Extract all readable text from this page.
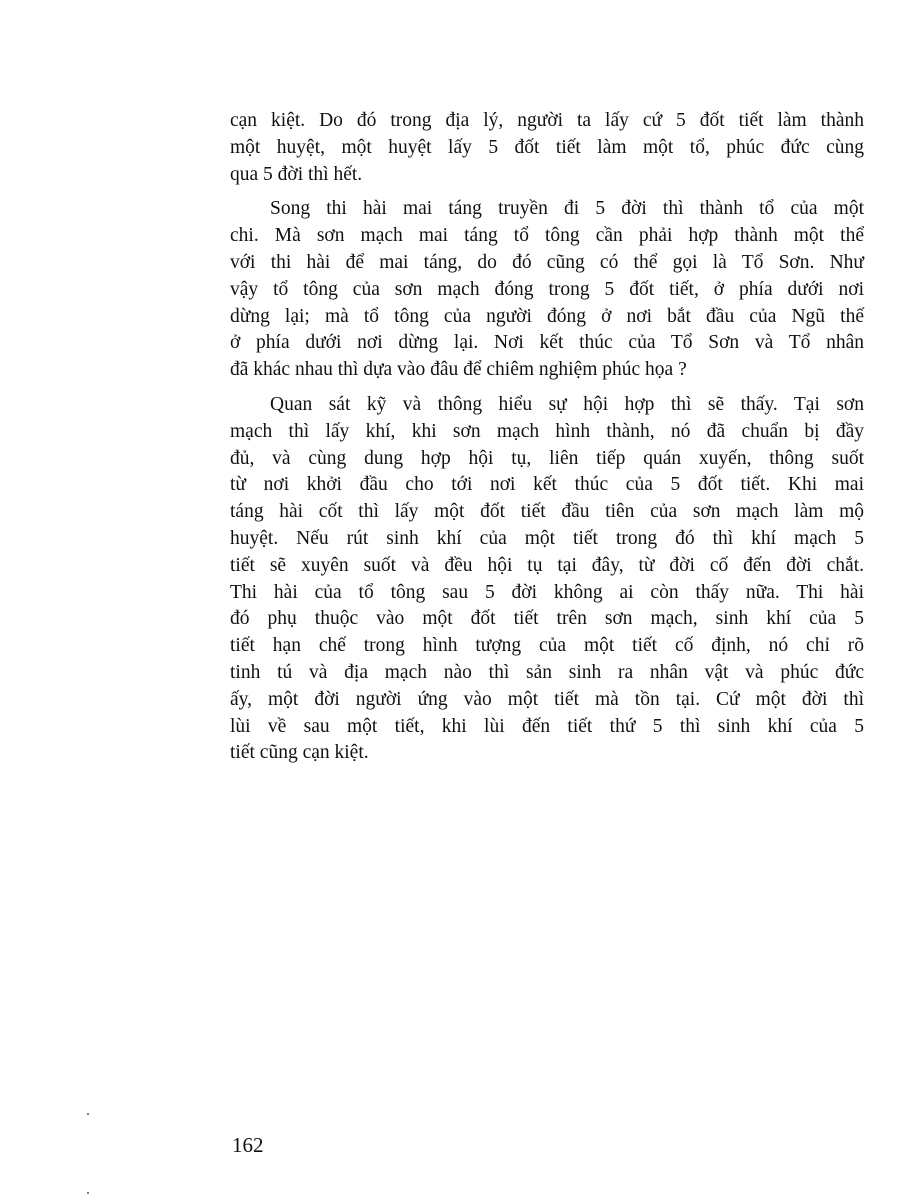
cạn kiệt. Do đó trong địa lý, người ta lấy cứ 5 đốt tiết làm thành
một huyệt, một huyệt lấy 5 đốt tiết làm một tổ, phúc đức cùng
qua 5 đời thì hết.

Song thi hài mai táng truyền đi 5 đời thì thành tổ của một
chi. Mà sơn mạch mai táng tổ tông cần phải hợp thành một thể
với thi hài để mai táng, do đó cũng có thể gọi là Tổ Sơn. Như
vậy tổ tông của sơn mạch đóng trong 5 đốt tiết, ở phía dưới nơi
dừng lại; mà tổ tông của người đóng ở nơi bắt đầu của Ngũ thế
ở phía dưới nơi dừng lại. Nơi kết thúc của Tổ Sơn và Tổ nhân
đã khác nhau thì dựa vào đâu để chiêm nghiệm phúc họa ?

Quan sát kỹ và thông hiểu sự hội hợp thì sẽ thấy. Tại sơn
mạch thì lấy khí, khi sơn mạch hình thành, nó đã chuẩn bị đầy
đủ, và cùng dung hợp hội tụ, liên tiếp quán xuyến, thông suốt
từ nơi khởi đầu cho tới nơi kết thúc của 5 đốt tiết. Khi mai
táng hài cốt thì lấy một đốt tiết đầu tiên của sơn mạch làm mộ
huyệt. Nếu rút sinh khí của một tiết trong đó thì khí mạch 5
tiết sẽ xuyên suốt và đều hội tụ tại đây, từ đời cố đến đời chắt.
Thi hài của tổ tông sau 5 đời không ai còn thấy nữa. Thi hài
đó phụ thuộc vào một đốt tiết trên sơn mạch, sinh khí của 5
tiết hạn chế trong hình tượng của một tiết cố định, nó chỉ rõ
tinh tú và địa mạch nào thì sản sinh ra nhân vật và phúc đức
ấy, một đời người ứng vào một tiết mà tồn tại. Cứ một đời thì
lùi về sau một tiết, khi lùi đến tiết thứ 5 thì sinh khí của 5
tiết cũng cạn kiệt.

162
